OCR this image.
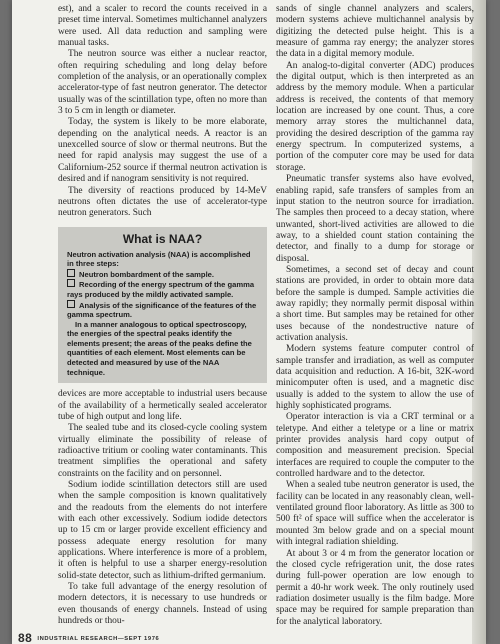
est), and a scaler to record the counts received in a preset time interval. Sometimes multichannel analyzers were used. All data reduction and sampling were manual tasks.

The neutron source was either a nuclear reactor, often requiring scheduling and long delay before completion of the analysis, or an operationally complex accelerator-type of fast neutron generator. The detector usually was of the scintillation type, often no more than 3 to 5 cm in length or diameter.

Today, the system is likely to be more elaborate, depending on the analytical needs. A reactor is an unexcelled source of slow or thermal neutrons. But the need for rapid analysis may suggest the use of a Californium-252 source if thermal neutron activation is desired and if nanogram sensitivity is not required.

The diversity of reactions produced by 14-MeV neutrons often dictates the use of accelerator-type neutron generators. Such

What is NAA?

Neutron activation analysis (NAA) is accomplished in three steps:

Neutron bombardment of the sample.

Recording of the energy spectrum of the gamma rays produced by the mildly activated sample.

Analysis of the significance of the features of the gamma spectrum.

In a manner analogous to optical spectroscopy, the energies of the spectral peaks identify the elements present; the areas of the peaks define the quantities of each element. Most elements can be detected and measured by use of the NAA technique.

devices are more acceptable to industrial users because of the availability of a hermetically sealed accelerator tube of high output and long life.

The sealed tube and its closed-cycle cooling system virtually eliminate the possibility of release of radioactive tritium or cooling water contaminants. This treatment simplifies the operational and safety constraints on the facility and on personnel.

Sodium iodide scintillation detectors still are used when the sample composition is known qualitatively and the readouts from the elements do not interfere with each other excessively. Sodium iodide detectors up to 15 cm or larger provide excellent efficiency and possess adequate energy resolution for many applications. Where interference is more of a problem, it often is helpful to use a sharper energy-resolution solid-state detector, such as lithium-drifted germanium.

To take full advantage of the energy resolution of modern detectors, it is necessary to use hundreds or even thousands of energy channels. Instead of using hundreds or thou-

sands of single channel analyzers and scalers, modern systems achieve multichannel analysis by digitizing the detected pulse height. This is a measure of gamma ray energy; the analyzer stores the data in a digital memory module.

An analog-to-digital converter (ADC) produces the digital output, which is then interpreted as an address by the memory module. When a particular address is received, the contents of that memory location are increased by one count. Thus, a core memory array stores the multichannel data, providing the desired description of the gamma ray energy spectrum. In computerized systems, a portion of the computer core may be used for data storage.

Pneumatic transfer systems also have evolved, enabling rapid, safe transfers of samples from an input station to the neutron source for irradiation. The samples then proceed to a decay station, where unwanted, short-lived activities are allowed to die away, to a shielded count station containing the detector, and finally to a dump for storage or disposal.

Sometimes, a second set of decay and count stations are provided, in order to obtain more data before the sample is dumped. Sample activities die away rapidly; they normally permit disposal within a short time. But samples may be retained for other uses because of the nondestructive nature of activation analysis.

Modern systems feature computer control of sample transfer and irradiation, as well as computer data acquisition and reduction. A 16-bit, 32K-word minicomputer often is used, and a magnetic disc usually is added to the system to allow the use of highly sophisticated programs.

Operator interaction is via a CRT terminal or a teletype. And either a teletype or a line or matrix printer provides analysis hard copy output of composition and measurement precision. Special interfaces are required to couple the computer to the controlled hardware and to the detector.

When a sealed tube neutron generator is used, the facility can be located in any reasonably clean, well-ventilated ground floor laboratory. As little as 300 to 500 ft² of space will suffice when the accelerator is mounted 3m below grade and on a special mount with integral radiation shielding.

At about 3 or 4 m from the generator location or the closed cycle refrigeration unit, the dose rates during full-power operation are low enough to permit a 40-hr work week. The only routinely used radiation dosimeter usually is the film badge. More space may be required for sample preparation than for the analytical laboratory.

88 INDUSTRIAL RESEARCH—SEPT 1976
